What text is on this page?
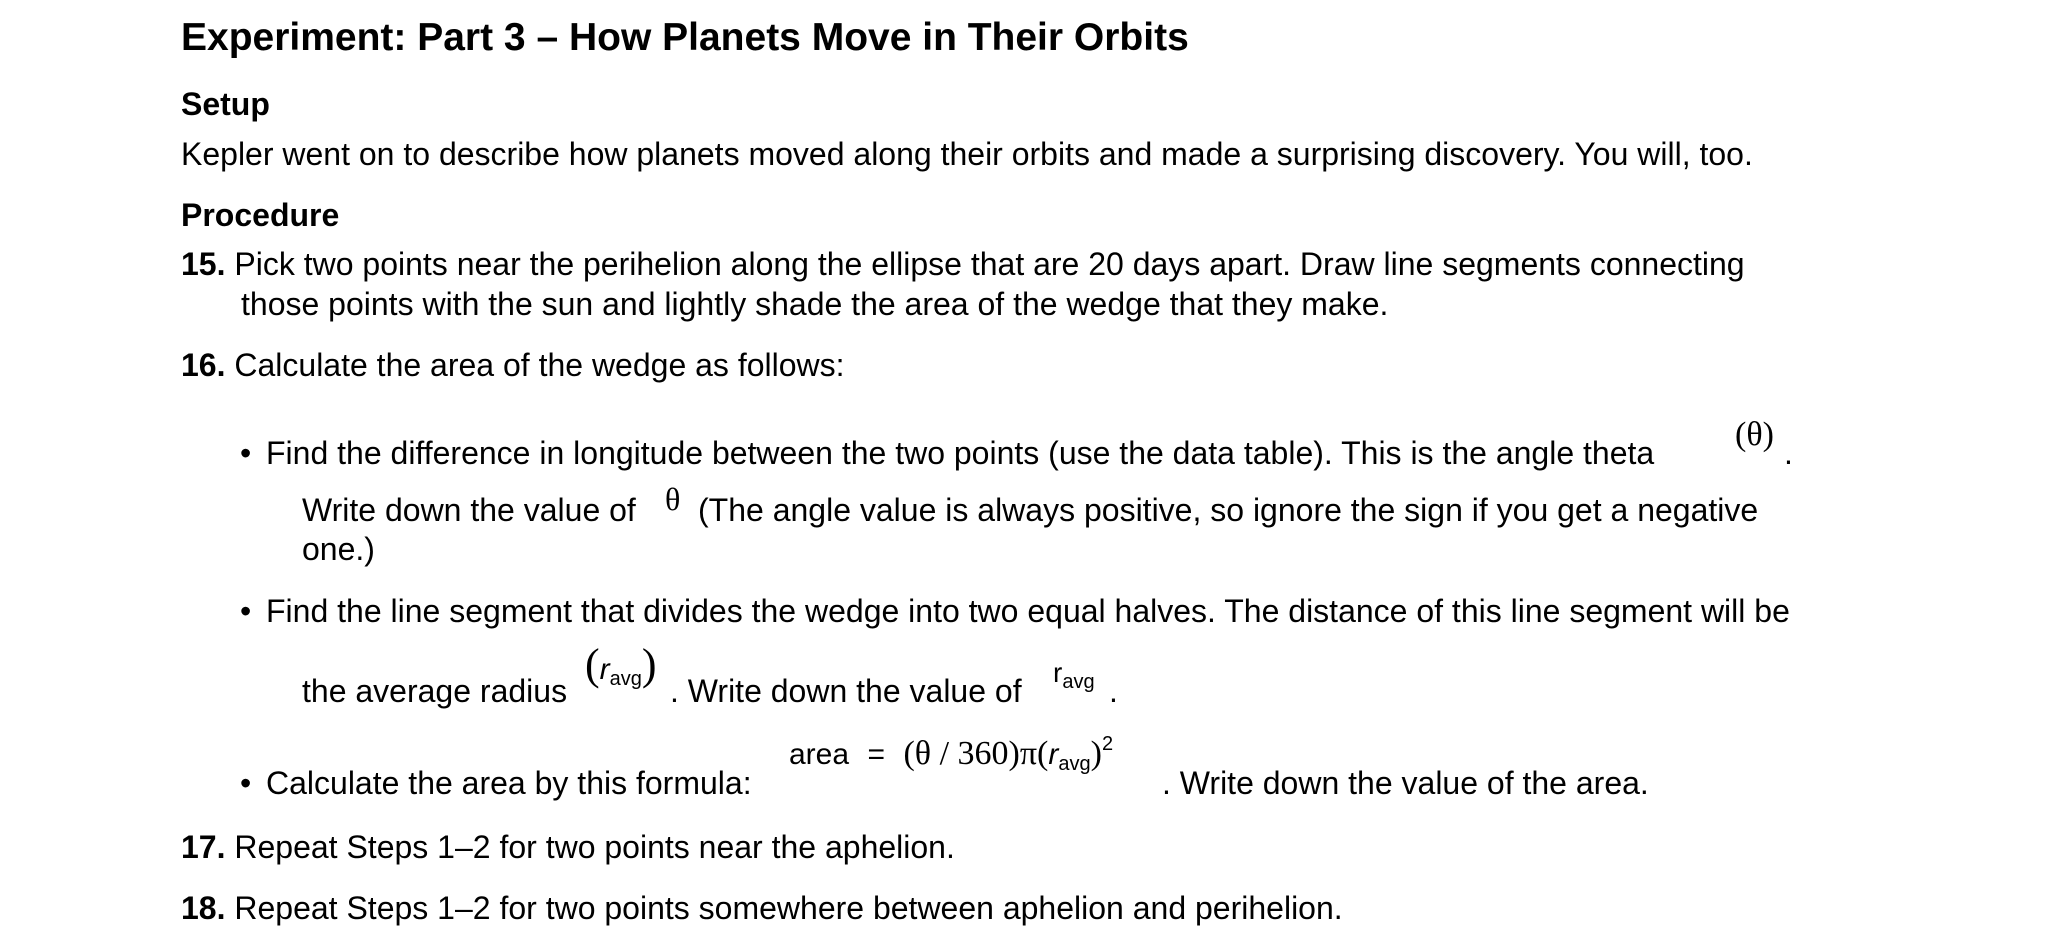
Experiment: Part 3 – How Planets Move in Their Orbits
Setup
Kepler went on to describe how planets moved along their orbits and made a surprising discovery. You will, too.
Procedure
15. Pick two points near the perihelion along the ellipse that are 20 days apart. Draw line segments connecting
those points with the sun and lightly shade the area of the wedge that they make.
16. Calculate the area of the wedge as follows:
• Find the difference in longitude between the two points (use the data table). This is the angle theta (θ) .
Write down the value of θ (The angle value is always positive, so ignore the sign if you get a negative
one.)
• Find the line segment that divides the wedge into two equal halves. The distance of this line segment will be
the average radius
(ravg)
. Write down the value of
ravg .
• Calculate the area by this formula:
area = (θ / 360)π(ravg)2
. Write down the value of the area.
17. Repeat Steps 1–2 for two points near the aphelion.
18. Repeat Steps 1–2 for two points somewhere between aphelion and perihelion.
